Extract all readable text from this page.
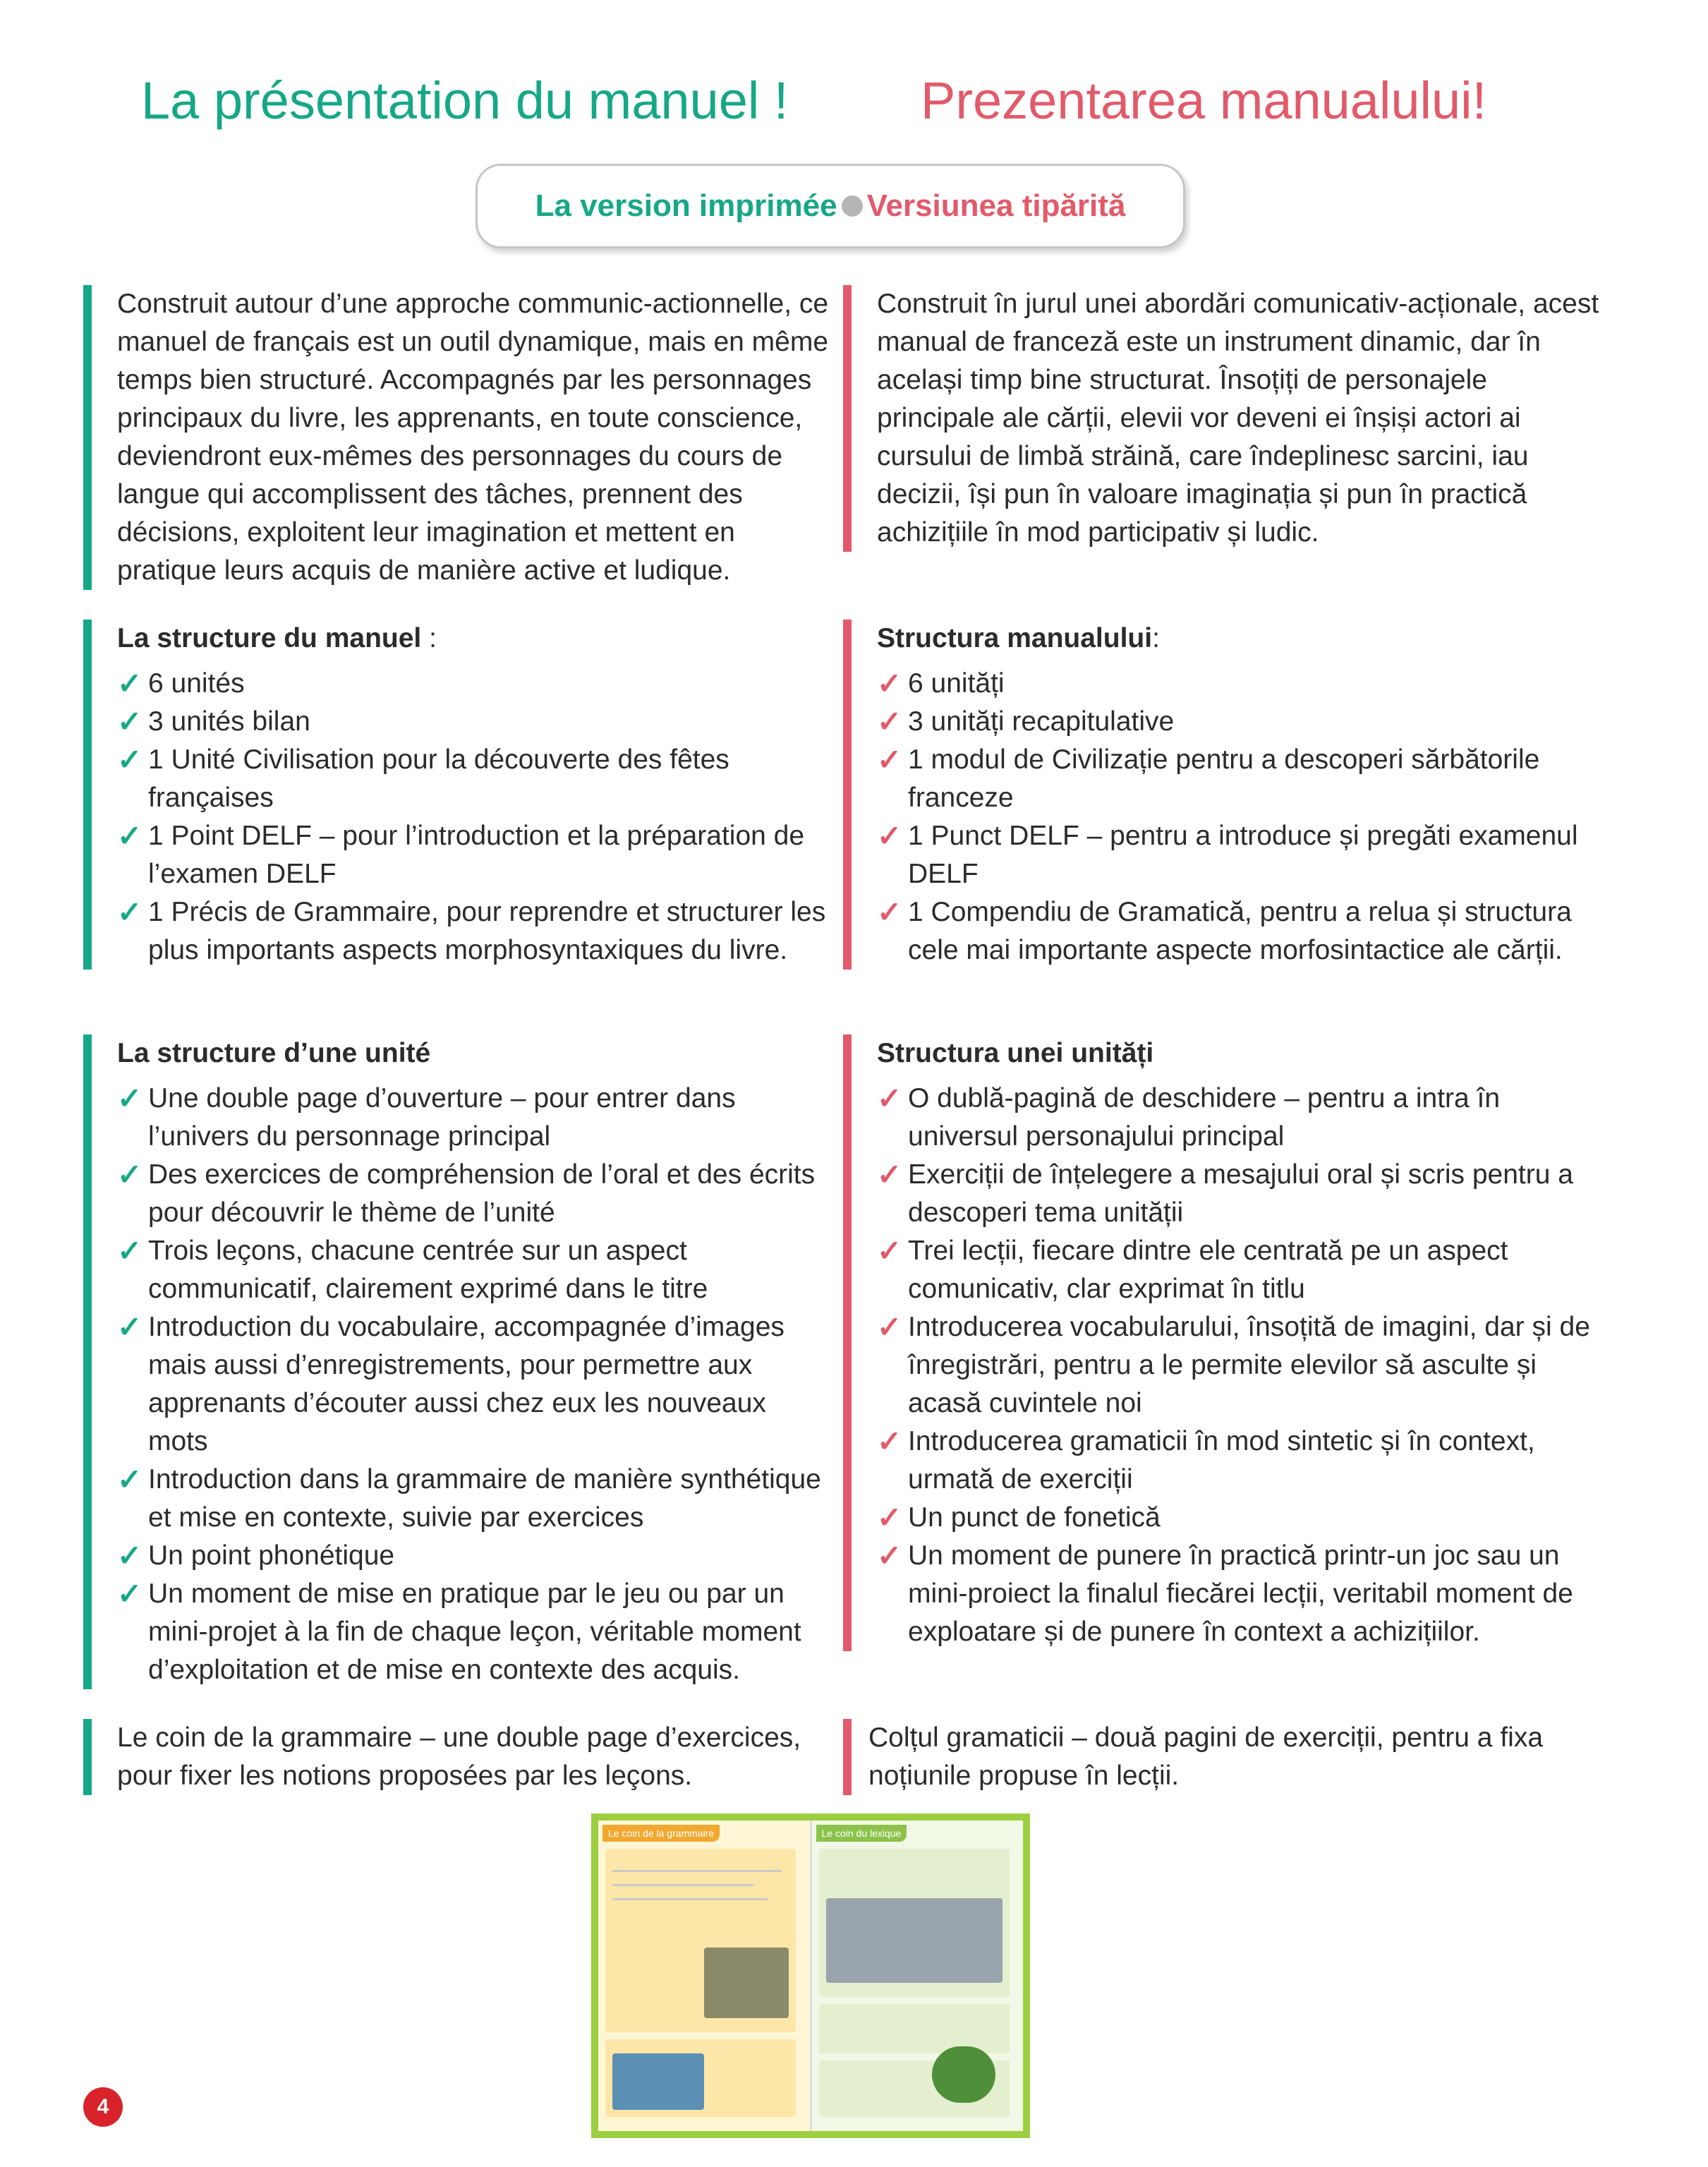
La présentation du manuel !	Prezentarea manualului!
La version imprimée Versiunea tipărită

Construit autour d’une approche communic-actionnelle, ce manuel de français est un outil dynamique, mais en même temps bien structuré. Accompagnés par les personnages principaux du livre, les apprenants, en toute conscience, deviendront eux-mêmes des personnages du cours de langue qui accomplissent des tâches, prennent des décisions, exploitent leur imagination et mettent en pratique leurs acquis de manière active et ludique.

Construit în jurul unei abordări comunicativ-acționale, acest manual de franceză este un instrument dinamic, dar în același timp bine structurat. Însoțiți de personajele principale ale cărții, elevii vor deveni ei înșiși actori ai cursului de limbă străină, care îndeplinesc sarcini, iau decizii, își pun în valoare imaginația și pun în practică achizițiile în mod participativ și ludic.

La structure du manuel :
✓ 6 unités
✓ 3 unités bilan
✓ 1 Unité Civilisation pour la découverte des fêtes françaises
✓ 1 Point DELF – pour l’introduction et la préparation de l’examen DELF
✓ 1 Précis de Grammaire, pour reprendre et structurer les plus importants aspects morphosyntaxiques du livre.
Structura manualului:
✓ 6 unități
✓ 3 unități recapitulative
✓ 1 modul de Civilizație pentru a descoperi sărbătorile franceze
✓ 1 Punct DELF – pentru a introduce și pregăti examenul DELF
✓ 1 Compendiu de Gramatică, pentru a relua și structura cele mai importante aspecte morfosintactice ale cărții.
La structure d’une unité
✓ Une double page d’ouverture – pour entrer dans l’univers du personnage principal
✓ Des exercices de compréhension de l’oral et des écrits pour découvrir le thème de l’unité
✓ Trois leçons, chacune centrée sur un aspect communicatif, clairement exprimé dans le titre
✓ Introduction du vocabulaire, accompagnée d’images mais aussi d’enregistrements, pour permettre aux apprenants d’écouter aussi chez eux les nouveaux mots
✓ Introduction dans la grammaire de manière synthétique et mise en contexte, suivie par exercices
✓ Un point phonétique
✓ Un moment de mise en pratique par le jeu ou par un mini-projet à la fin de chaque leçon, véritable moment d’exploitation et de mise en contexte des acquis.
Structura unei unități
✓ O dublă-pagină de deschidere – pentru a intra în universul personajului principal
✓ Exerciții de înțelegere a mesajului oral și scris pentru a descoperi tema unității
✓ Trei lecții, fiecare dintre ele centrată pe un aspect comunicativ, clar exprimat în titlu
✓ Introducerea vocabularului, însoțită de imagini, dar și de înregistrări, pentru a le permite elevilor să asculte și acasă cuvintele noi
✓ Introducerea gramaticii în mod sintetic și în context, urmată de exerciții
✓ Un punct de fonetică
✓ Un moment de punere în practică printr-un joc sau un mini-proiect la finalul fiecărei lecții, veritabil moment de exploatare și de punere în context a achizițiilor.

Le coin de la grammaire – une double page d’exercices, pour fixer les notions proposées par les leçons.

Colțul gramaticii – două pagini de exerciții, pentru a fixa noțiunile propuse în lecții.

Le coin de la grammaire	Le coin du lexique
4
